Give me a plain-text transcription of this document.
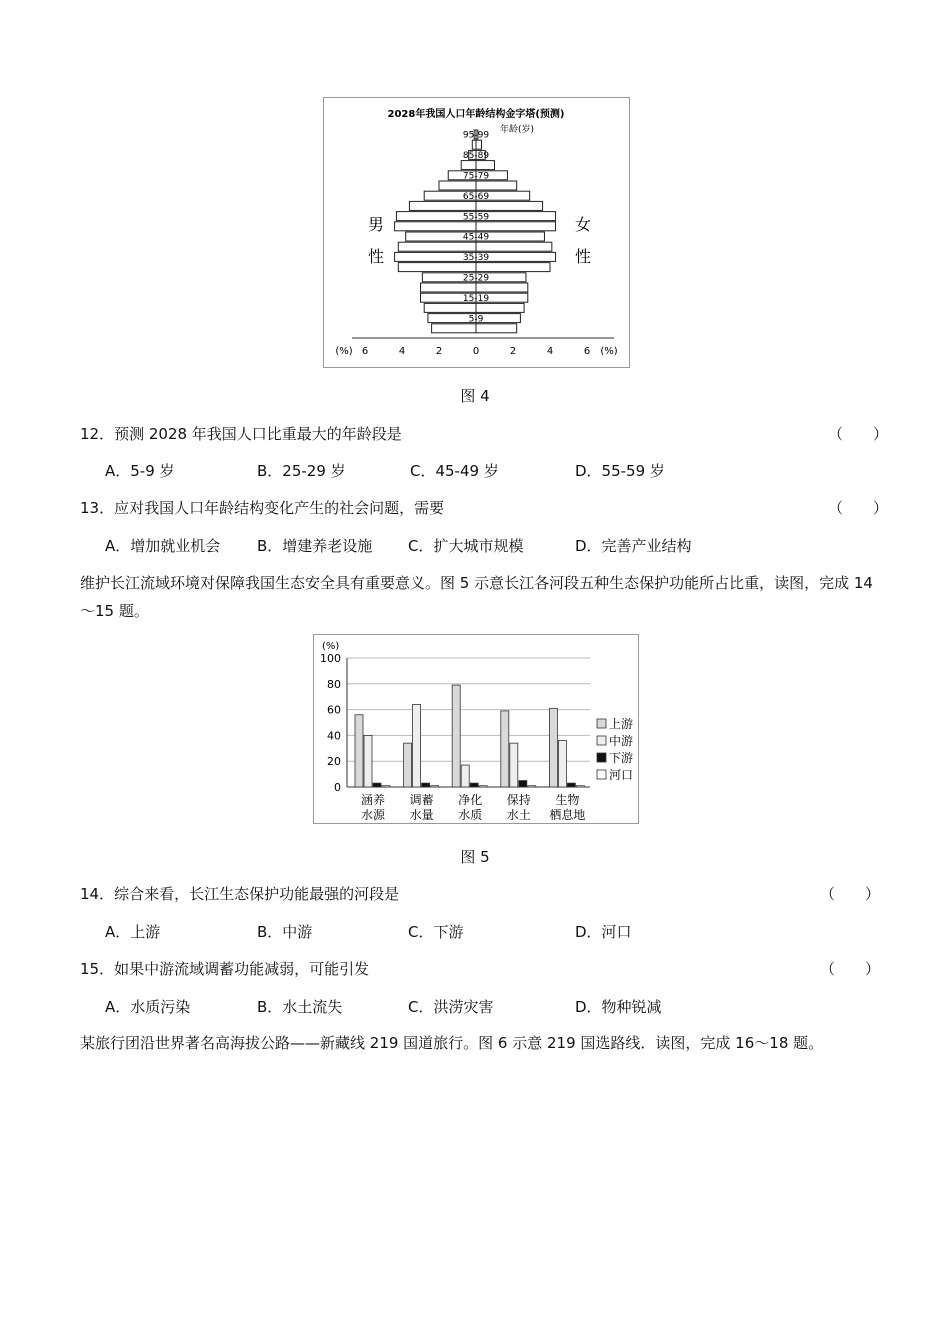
2028年我国人口年龄结构金字塔(预测)
年龄(岁)
男
性
女
性
5-9
15-19
25-29
35-39
45-49
55-59
65-69
75-79
85-89
95-99
(%) 6	4	2	0	2	4	6 (%)
图 4
12．预测 2028 年我国人口比重最大的年龄段是	（　　）
A．5-9 岁	B．25-29 岁	C．45-49 岁	D．55-59 岁
13．应对我国人口年龄结构变化产生的社会问题，需要	（　　）
A．增加就业机会 B．增建养老设施 C．扩大城市规模	D．完善产业结构
维护长江流域环境对保障我国生态安全具有重要意义。图 5 示意长江各河段五种生态保护功能所占比重，读图，完成 14～15 题。
(%)
0
20
40
60
80
100
涵养
水源
调蓄
水量
净化
水质
保持
水土
生物
栖息地
上游
中游
下游
河口
图 5
14．综合来看，长江生态保护功能最强的河段是	（　　）
A．上游	B．中游	C．下游	D．河口
15．如果中游流域调蓄功能减弱，可能引发	（　　）
A．水质污染	B．水土流失	C．洪涝灾害	D．物种锐减
某旅行团沿世界著名高海拔公路——新藏线 219 国道旅行。图 6 示意 219 国选路线．读图，完成 16～18 题。
